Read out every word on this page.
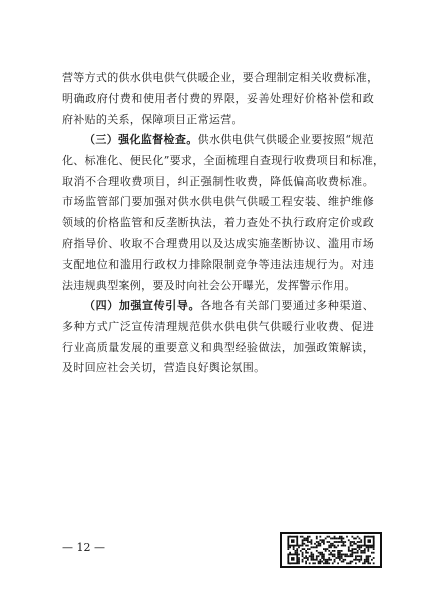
营等方式的供水供电供气供暖企业，要合理制定相关收费标准，
明确政府付费和使用者付费的界限，妥善处理好价格补偿和政
府补贴的关系，保障项目正常运营。
（三）强化监督检查。供水供电供气供暖企业要按照“规范
化、标准化、便民化”要求，全面梳理自查现行收费项目和标准，
取消不合理收费项目，纠正强制性收费，降低偏高收费标准。
市场监管部门要加强对供水供电供气供暖工程安装、维护维修
领域的价格监管和反垄断执法，着力查处不执行政府定价或政
府指导价、收取不合理费用以及达成实施垄断协议、滥用市场
支配地位和滥用行政权力排除限制竞争等违法违规行为。对违
法违规典型案例，要及时向社会公开曝光，发挥警示作用。
（四）加强宣传引导。各地各有关部门要通过多种渠道、
多种方式广泛宣传清理规范供水供电供气供暖行业收费、促进
行业高质量发展的重要意义和典型经验做法，加强政策解读，
及时回应社会关切，营造良好舆论氛围。
— 12 —
